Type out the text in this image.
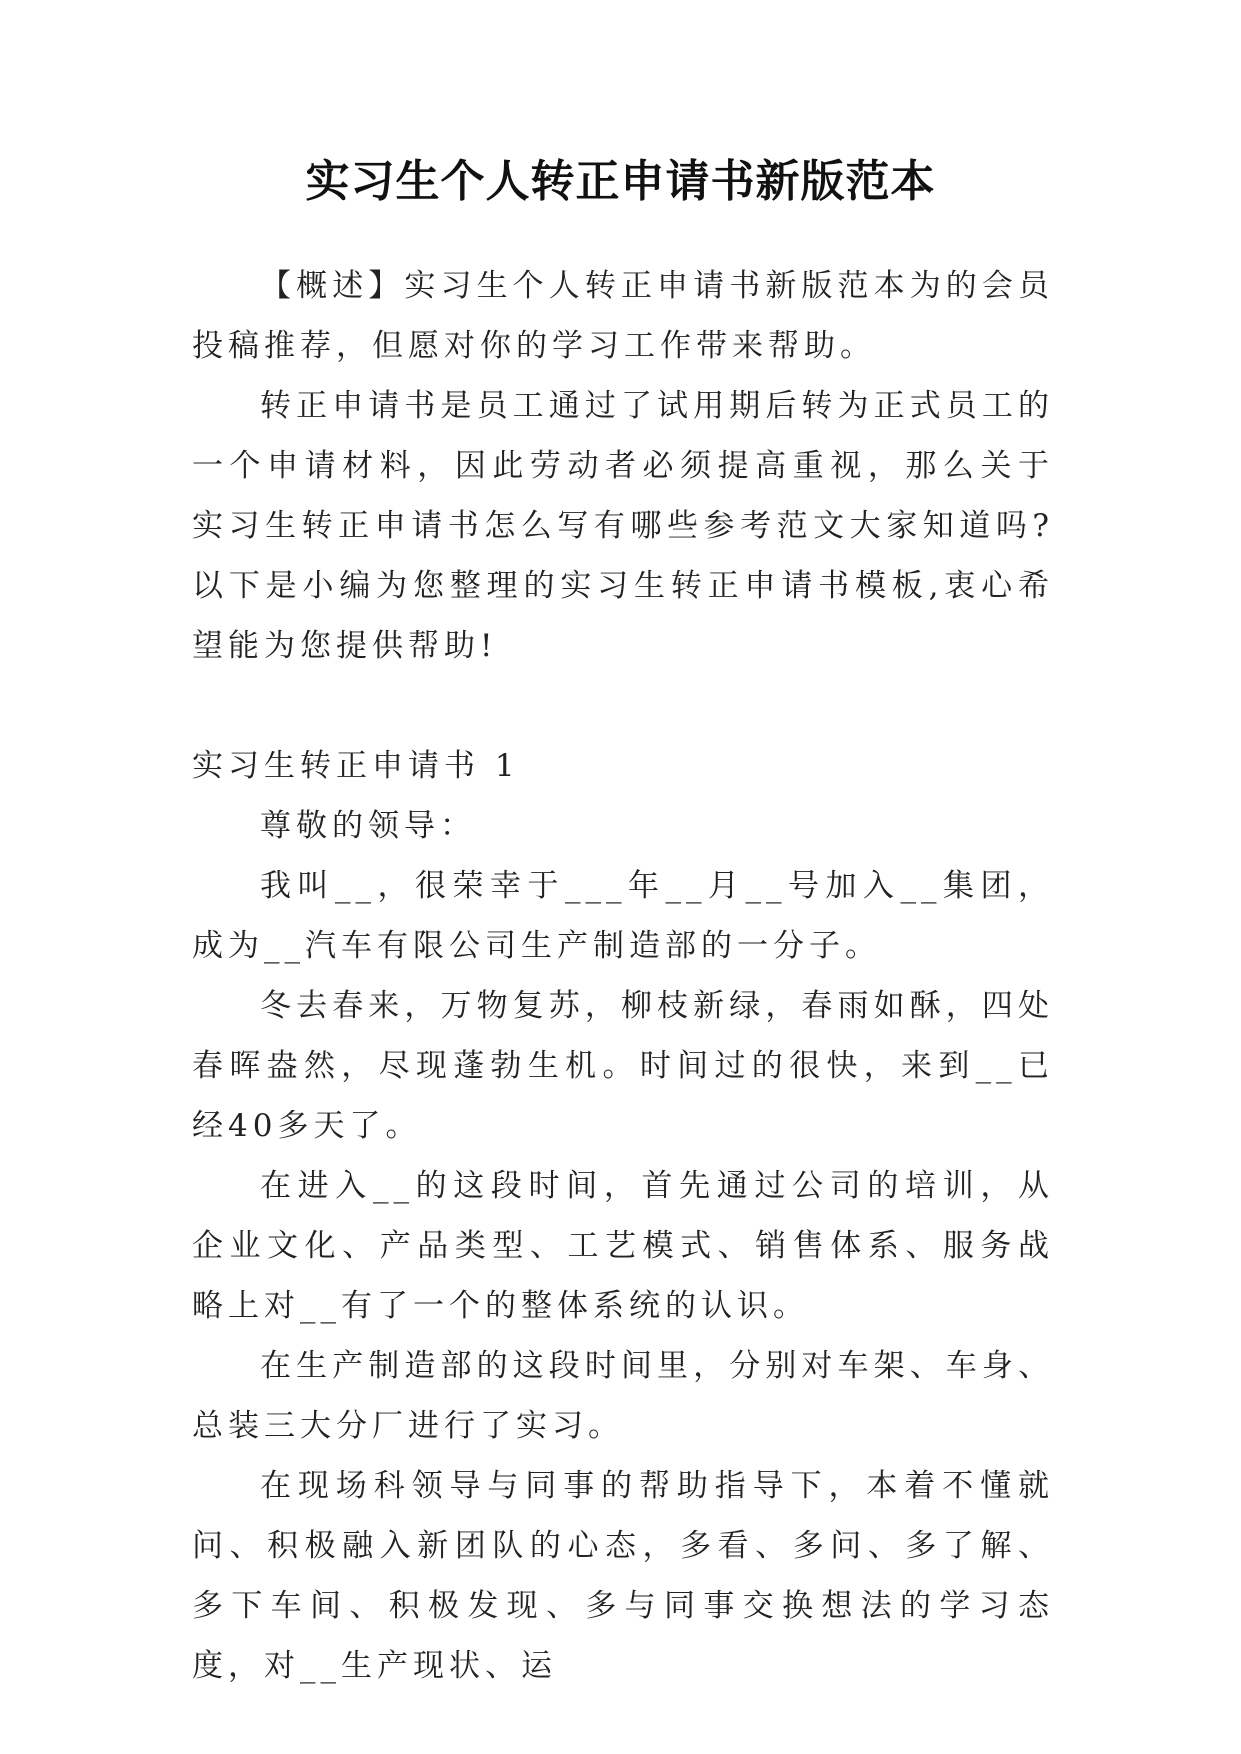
实习生个人转正申请书新版范本

【概述】实习生个人转正申请书新版范本为的会员投稿推荐，但愿对你的学习工作带来帮助。

转正申请书是员工通过了试用期后转为正式员工的一个申请材料，因此劳动者必须提高重视，那么关于实习生转正申请书怎么写有哪些参考范文大家知道吗?以下是小编为您整理的实习生转正申请书模板,衷心希望能为您提供帮助!

实习生转正申请书 1

尊敬的领导：

我叫__，很荣幸于___年__月__号加入__集团，成为__汽车有限公司生产制造部的一分子。

冬去春来，万物复苏，柳枝新绿，春雨如酥，四处春晖盎然，尽现蓬勃生机。时间过的很快，来到__已经40多天了。

在进入__的这段时间，首先通过公司的培训，从企业文化、产品类型、工艺模式、销售体系、服务战略上对__有了一个的整体系统的认识。

在生产制造部的这段时间里，分别对车架、车身、总装三大分厂进行了实习。

在现场科领导与同事的帮助指导下，本着不懂就问、积极融入新团队的心态，多看、多问、多了解、多下车间、积极发现、多与同事交换想法的学习态度，对__生产现状、运
